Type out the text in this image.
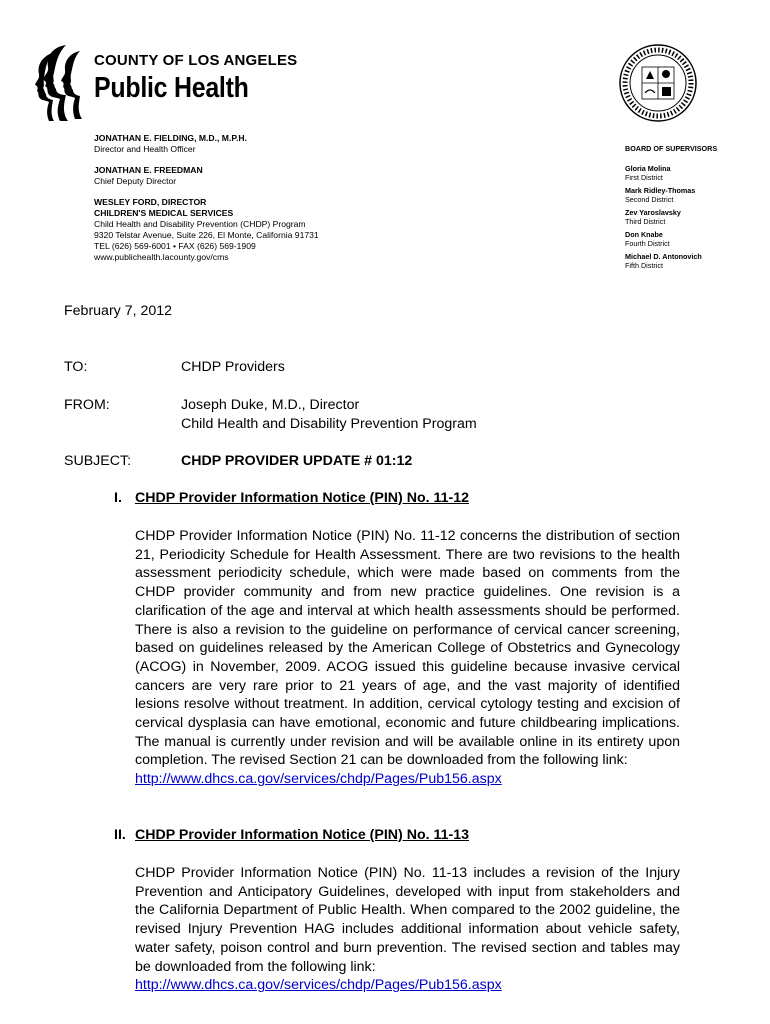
COUNTY OF LOS ANGELES
Public Health
JONATHAN E. FIELDING, M.D., M.P.H.
Director and Health Officer
JONATHAN E. FREEDMAN
Chief Deputy Director
WESLEY FORD, DIRECTOR
CHILDREN'S MEDICAL SERVICES
Child Health and Disability Prevention (CHDP) Program
9320 Telstar Avenue, Suite 226, El Monte, California 91731
TEL (626) 569-6001 • FAX (626) 569-1909
www.publichealth.lacounty.gov/cms
BOARD OF SUPERVISORS
Gloria Molina
First District
Mark Ridley-Thomas
Second District
Zev Yaroslavsky
Third District
Don Knabe
Fourth District
Michael D. Antonovich
Fifth District
February 7, 2012
TO:	CHDP Providers
FROM:	Joseph Duke, M.D., Director
Child Health and Disability Prevention Program
SUBJECT:	CHDP PROVIDER UPDATE # 01:12
I. CHDP Provider Information Notice (PIN) No. 11-12
CHDP Provider Information Notice (PIN) No. 11-12 concerns the distribution of section 21, Periodicity Schedule for Health Assessment. There are two revisions to the health assessment periodicity schedule, which were made based on comments from the CHDP provider community and from new practice guidelines. One revision is a clarification of the age and interval at which health assessments should be performed. There is also a revision to the guideline on performance of cervical cancer screening, based on guidelines released by the American College of Obstetrics and Gynecology (ACOG) in November, 2009. ACOG issued this guideline because invasive cervical cancers are very rare prior to 21 years of age, and the vast majority of identified lesions resolve without treatment. In addition, cervical cytology testing and excision of cervical dysplasia can have emotional, economic and future childbearing implications. The manual is currently under revision and will be available online in its entirety upon completion. The revised Section 21 can be downloaded from the following link:
http://www.dhcs.ca.gov/services/chdp/Pages/Pub156.aspx
II. CHDP Provider Information Notice (PIN) No. 11-13
CHDP Provider Information Notice (PIN) No. 11-13 includes a revision of the Injury Prevention and Anticipatory Guidelines, developed with input from stakeholders and the California Department of Public Health. When compared to the 2002 guideline, the revised Injury Prevention HAG includes additional information about vehicle safety, water safety, poison control and burn prevention. The revised section and tables may be downloaded from the following link:
http://www.dhcs.ca.gov/services/chdp/Pages/Pub156.aspx
